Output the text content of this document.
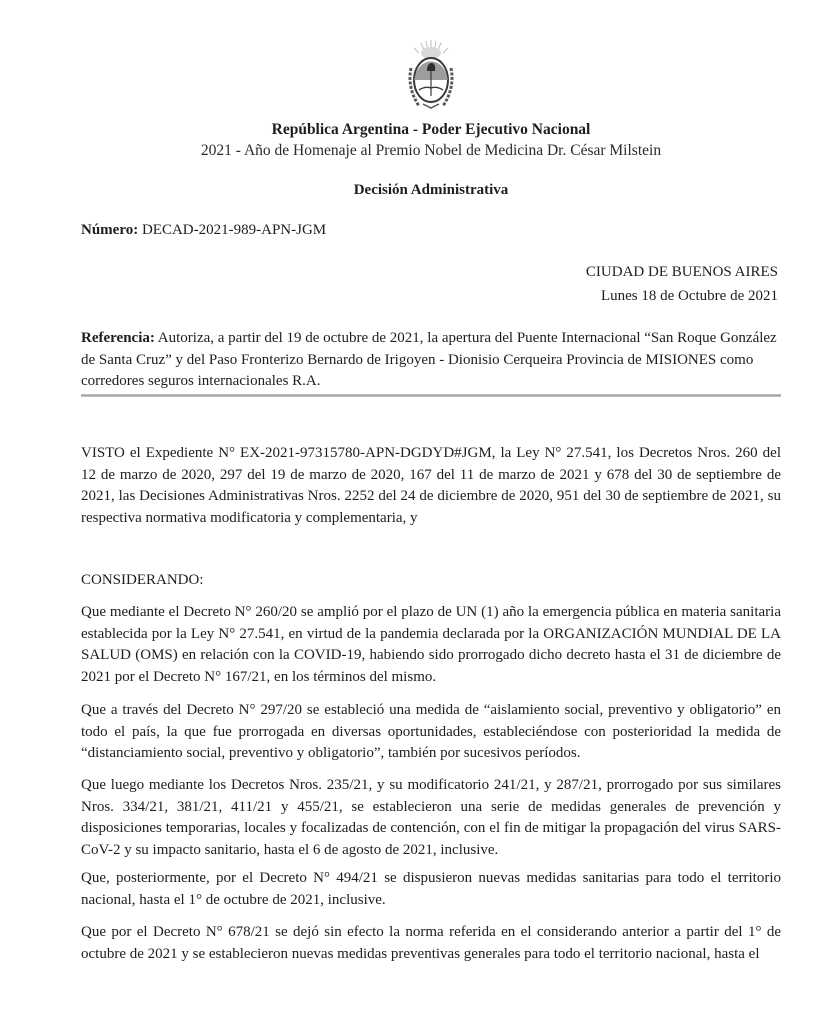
República Argentina - Poder Ejecutivo Nacional
2021 - Año de Homenaje al Premio Nobel de Medicina Dr. César Milstein
Decisión Administrativa
Número: DECAD-2021-989-APN-JGM
CIUDAD DE BUENOS AIRES
Lunes 18 de Octubre de 2021
Referencia: Autoriza, a partir del 19 de octubre de 2021, la apertura del Puente Internacional “San Roque González de Santa Cruz” y del Paso Fronterizo Bernardo de Irigoyen - Dionisio Cerqueira Provincia de MISIONES como corredores seguros internacionales R.A.
VISTO el Expediente N° EX-2021-97315780-APN-DGDYD#JGM, la Ley N° 27.541, los Decretos Nros. 260 del 12 de marzo de 2020, 297 del 19 de marzo de 2020, 167 del 11 de marzo de 2021 y 678 del 30 de septiembre de 2021, las Decisiones Administrativas Nros. 2252 del 24 de diciembre de 2020, 951 del 30 de septiembre de 2021, su respectiva normativa modificatoria y complementaria, y
CONSIDERANDO:
Que mediante el Decreto N° 260/20 se amplió por el plazo de UN (1) año la emergencia pública en materia sanitaria establecida por la Ley N° 27.541, en virtud de la pandemia declarada por la ORGANIZACIÓN MUNDIAL DE LA SALUD (OMS) en relación con la COVID-19, habiendo sido prorrogado dicho decreto hasta el 31 de diciembre de 2021 por el Decreto N° 167/21, en los términos del mismo.
Que a través del Decreto N° 297/20 se estableció una medida de “aislamiento social, preventivo y obligatorio” en todo el país, la que fue prorrogada en diversas oportunidades, estableciéndose con posterioridad la medida de “distanciamiento social, preventivo y obligatorio”, también por sucesivos períodos.
Que luego mediante los Decretos Nros. 235/21, y su modificatorio 241/21, y 287/21, prorrogado por sus similares Nros. 334/21, 381/21, 411/21 y 455/21, se establecieron una serie de medidas generales de prevención y disposiciones temporarias, locales y focalizadas de contención, con el fin de mitigar la propagación del virus SARS-CoV-2 y su impacto sanitario, hasta el 6 de agosto de 2021, inclusive.
Que, posteriormente, por el Decreto N° 494/21 se dispusieron nuevas medidas sanitarias para todo el territorio nacional, hasta el 1° de octubre de 2021, inclusive.
Que por el Decreto N° 678/21 se dejó sin efecto la norma referida en el considerando anterior a partir del 1° de octubre de 2021 y se establecieron nuevas medidas preventivas generales para todo el territorio nacional, hasta el
